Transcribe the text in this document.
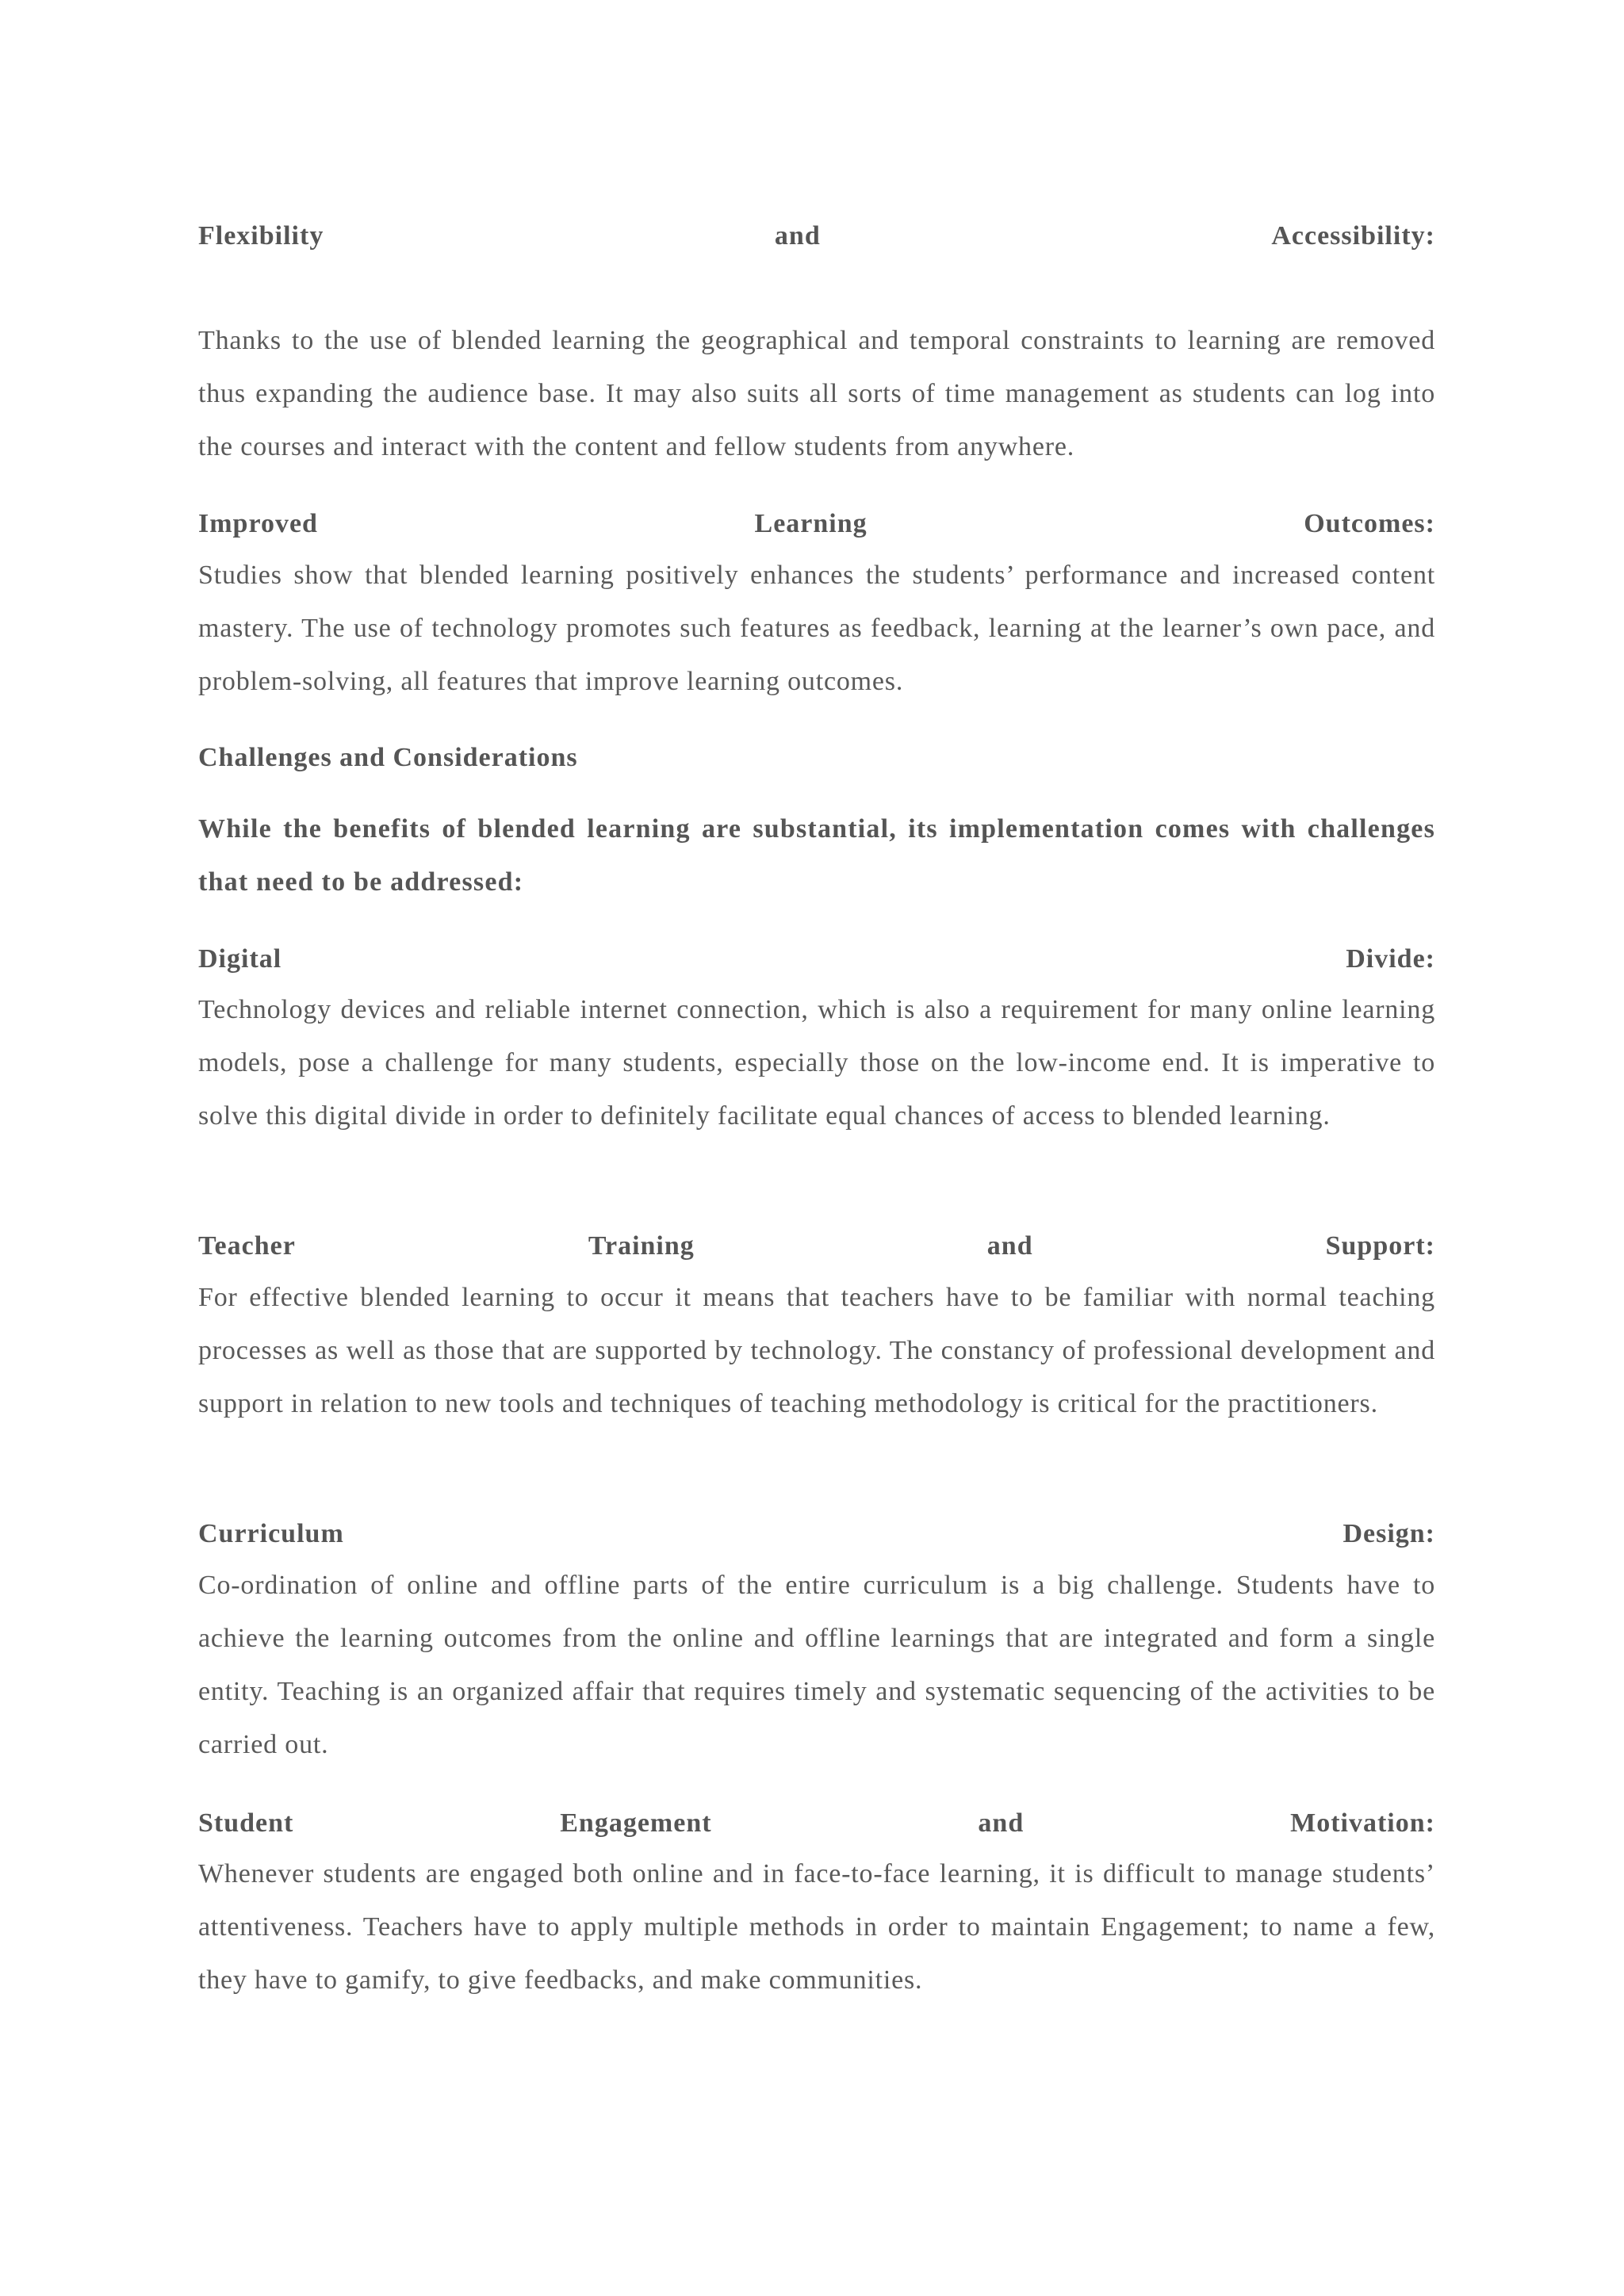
Flexibility	and	Accessibility:

Thanks to the use of blended learning the geographical and temporal constraints to learning are removed thus expanding the audience base. It may also suits all sorts of time management as students can log into the courses and interact with the content and fellow students from anywhere.

Improved	Learning	Outcomes:

Studies show that blended learning positively enhances the students’ performance and increased content mastery. The use of technology promotes such features as feedback, learning at the learner’s own pace, and problem-solving, all features that improve learning outcomes.

Challenges and Considerations

While the benefits of blended learning are substantial, its implementation comes with challenges that need to be addressed:

Digital	Divide:

Technology devices and reliable internet connection, which is also a requirement for many online learning models, pose a challenge for many students, especially those on the low-income end. It is imperative to solve this digital divide in order to definitely facilitate equal chances of access to blended learning.

Teacher	Training	and	Support:

For effective blended learning to occur it means that teachers have to be familiar with normal teaching processes as well as those that are supported by technology. The constancy of professional development and support in relation to new tools and techniques of teaching methodology is critical for the practitioners.

Curriculum	Design:

Co-ordination of online and offline parts of the entire curriculum is a big challenge. Students have to achieve the learning outcomes from the online and offline learnings that are integrated and form a single entity. Teaching is an organized affair that requires timely and systematic sequencing of the activities to be carried out.

Student	Engagement	and	Motivation:

Whenever students are engaged both online and in face-to-face learning, it is difficult to manage students’ attentiveness. Teachers have to apply multiple methods in order to maintain Engagement; to name a few, they have to gamify, to give feedbacks, and make communities.
